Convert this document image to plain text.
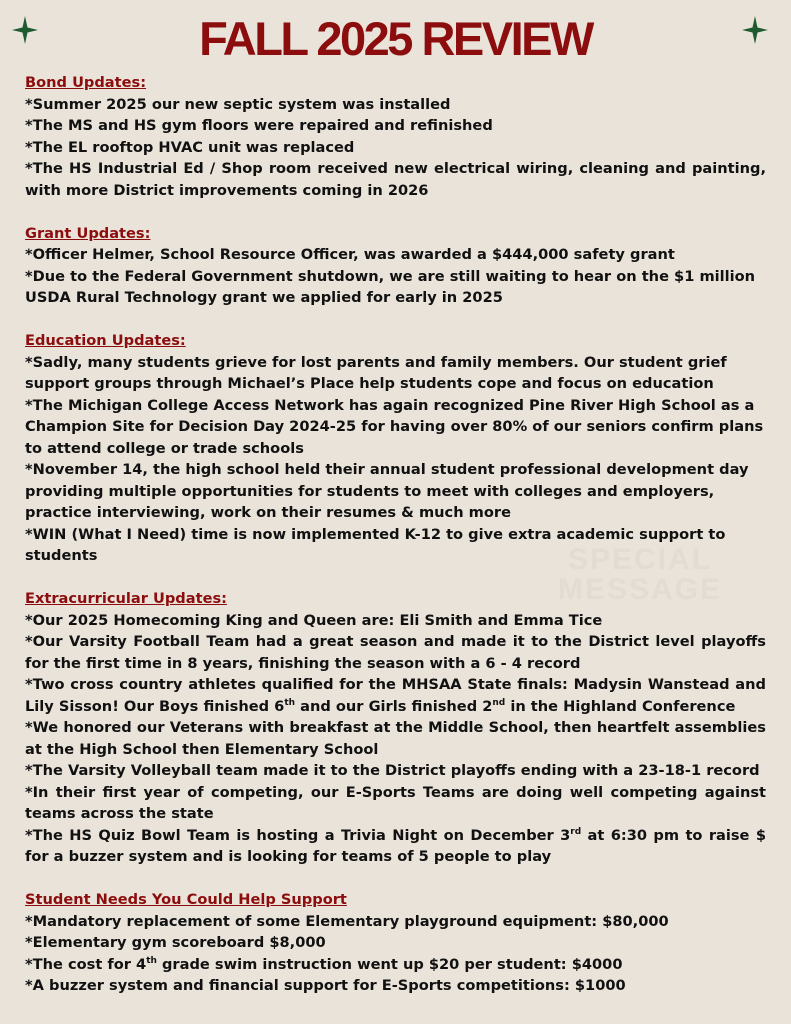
FALL 2025 REVIEW
SPECIAL
MESSAGE
Bond Updates:
*Summer 2025 our new septic system was installed
*The MS and HS gym floors were repaired and refinished
*The EL rooftop HVAC unit was replaced
*The HS Industrial Ed / Shop room received new electrical wiring, cleaning and painting, with more District improvements coming in 2026
Grant Updates:
*Officer Helmer, School Resource Officer, was awarded a $444,000 safety grant
*Due to the Federal Government shutdown, we are still waiting to hear on the $1 million USDA Rural Technology grant we applied for early in 2025
Education Updates:
*Sadly, many students grieve for lost parents and family members. Our student grief support groups through Michael’s Place help students cope and focus on education
*The Michigan College Access Network has again recognized Pine River High School as a Champion Site for Decision Day 2024-25 for having over 80% of our seniors confirm plans to attend college or trade schools
*November 14, the high school held their annual student professional development day providing multiple opportunities for students to meet with colleges and employers, practice interviewing, work on their resumes & much more
*WIN (What I Need) time is now implemented K-12 to give extra academic support to students
Extracurricular Updates:
*Our 2025 Homecoming King and Queen are: Eli Smith and Emma Tice
*Our Varsity Football Team had a great season and made it to the District level playoffs for the first time in 8 years, finishing the season with a 6 - 4 record
*Two cross country athletes qualified for the MHSAA State finals: Madysin Wanstead and Lily Sisson! Our Boys finished 6th and our Girls finished 2nd in the Highland Conference
*We honored our Veterans with breakfast at the Middle School, then heartfelt assemblies at the High School then Elementary School
*The Varsity Volleyball team made it to the District playoffs ending with a 23-18-1 record
*In their first year of competing, our E-Sports Teams are doing well competing against teams across the state
*The HS Quiz Bowl Team is hosting a Trivia Night on December 3rd at 6:30 pm to raise $ for a buzzer system and is looking for teams of 5 people to play
Student Needs You Could Help Support
*Mandatory replacement of some Elementary playground equipment: $80,000
*Elementary gym scoreboard $8,000
*The cost for 4th grade swim instruction went up $20 per student: $4000
*A buzzer system and financial support for E-Sports competitions: $1000
